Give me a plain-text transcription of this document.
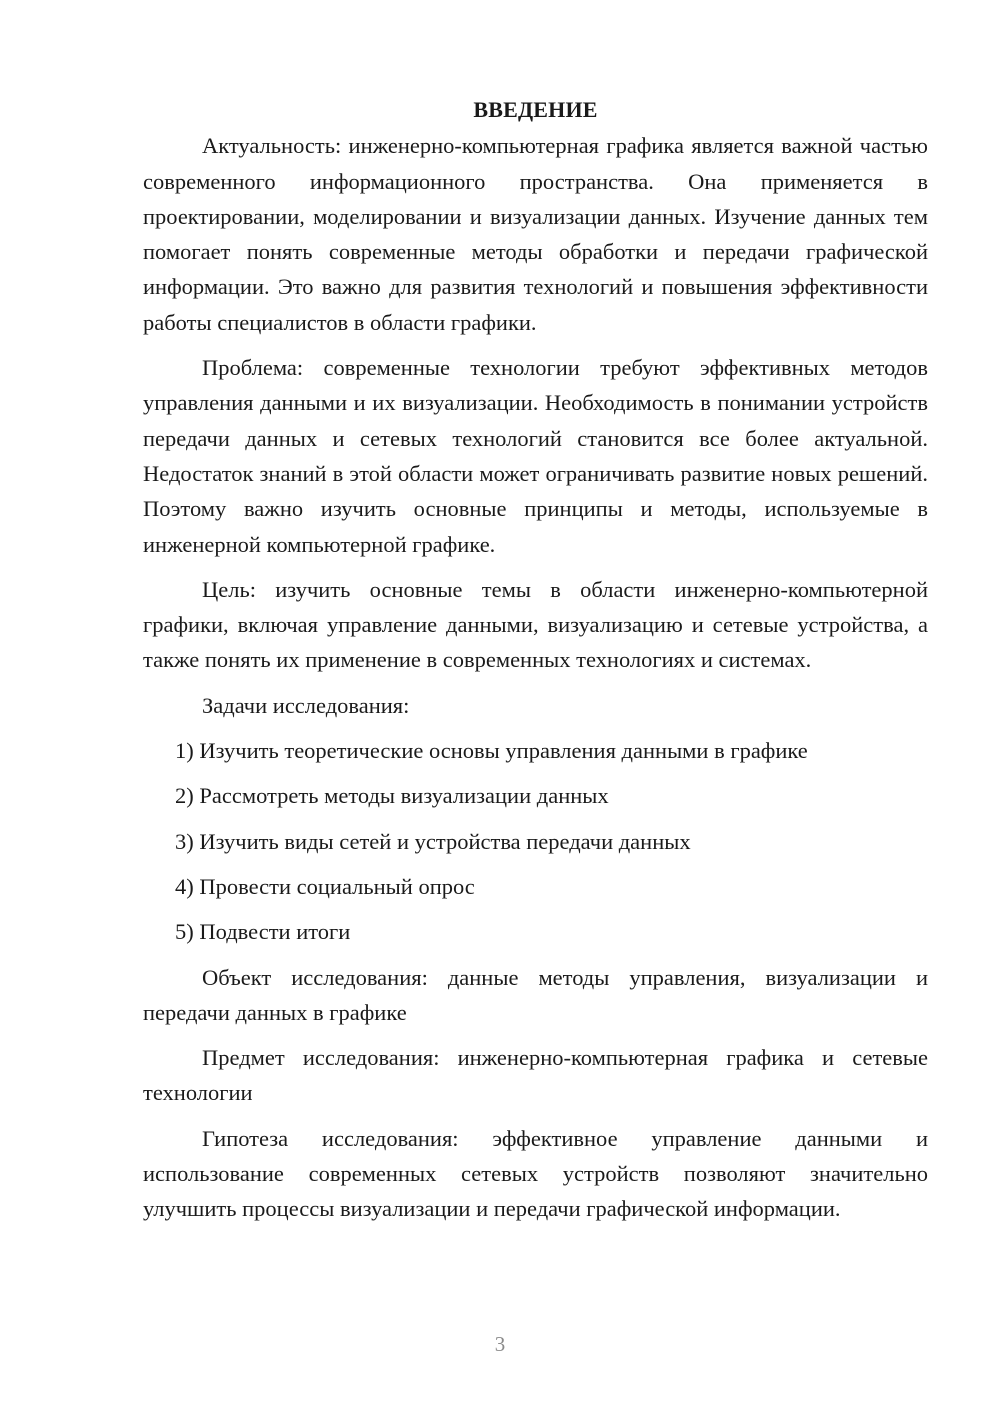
ВВЕДЕНИЕ

Актуальность: инженерно-компьютерная графика является важной частью современного информационного пространства. Она применяется в проектировании, моделировании и визуализации данных. Изучение данных тем помогает понять современные методы обработки и передачи графической информации. Это важно для развития технологий и повышения эффективности работы специалистов в области графики.

Проблема: современные технологии требуют эффективных методов управления данными и их визуализации. Необходимость в понимании устройств передачи данных и сетевых технологий становится все более актуальной. Недостаток знаний в этой области может ограничивать развитие новых решений. Поэтому важно изучить основные принципы и методы, используемые в инженерной компьютерной графике.

Цель: изучить основные темы в области инженерно-компьютерной графики, включая управление данными, визуализацию и сетевые устройства, а также понять их применение в современных технологиях и системах.

Задачи исследования:

1) Изучить теоретические основы управления данными в графике
2) Рассмотреть методы визуализации данных
3) Изучить виды сетей и устройства передачи данных
4) Провести социальный опрос
5) Подвести итоги

Объект исследования: данные методы управления, визуализации и передачи данных в графике

Предмет исследования: инженерно-компьютерная графика и сетевые технологии

Гипотеза исследования: эффективное управление данными и использование современных сетевых устройств позволяют значительно улучшить процессы визуализации и передачи графической информации.

3
